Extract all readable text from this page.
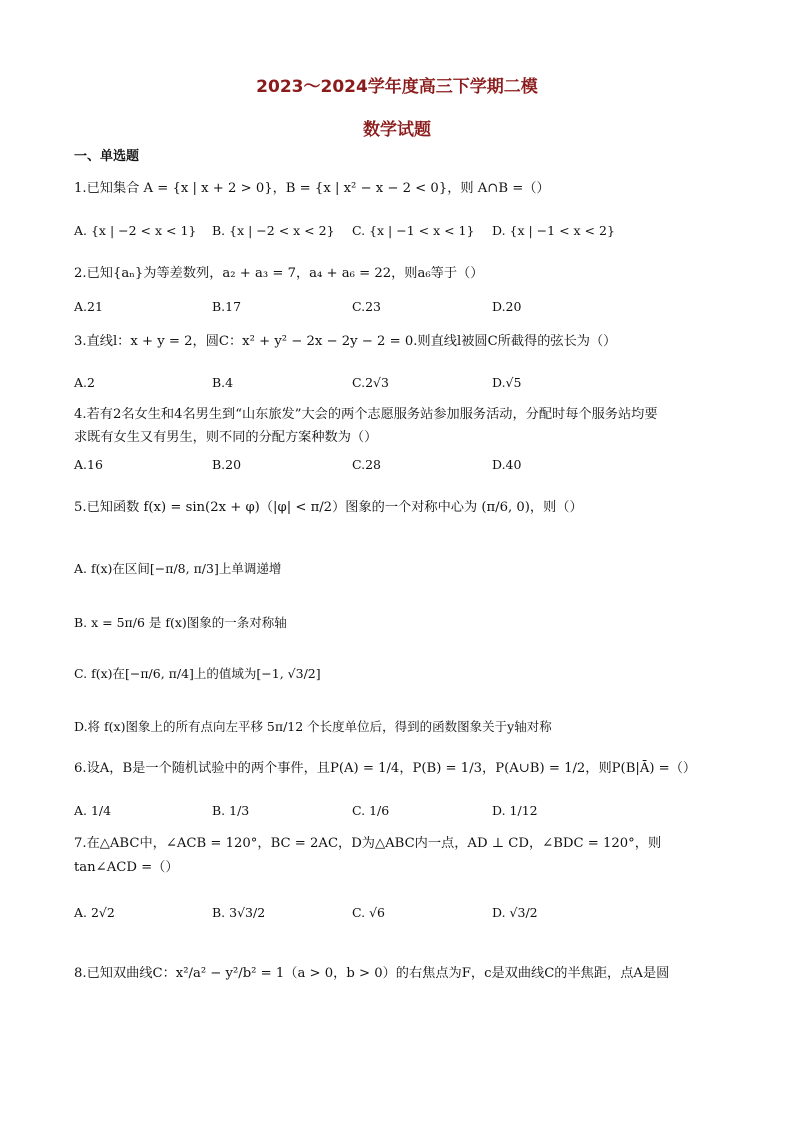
2023～2024学年度高三下学期二模
数学试题
一、单选题
1.已知集合 A = {x | x + 2 > 0}，B = {x | x² − x − 2 < 0}，则 A∩B =（）
A. {x | −2 < x < 1} B. {x | −2 < x < 2} C. {x | −1 < x < 1} D. {x | −1 < x < 2}
2.已知{aₙ}为等差数列，a₂ + a₃ = 7，a₄ + a₆ = 22，则a₆等于（）
A.21	B.17	C.23	D.20
3.直线l：x + y = 2，圆C：x² + y² − 2x − 2y − 2 = 0.则直线l被圆C所截得的弦长为（）
A.2	B.4	C.2√3	D.√5
4.若有2名女生和4名男生到“山东旅发”大会的两个志愿服务站参加服务活动，分配时每个服务站均要
求既有女生又有男生，则不同的分配方案种数为（）
A.16	B.20	C.28	D.40
5.已知函数 f(x) = sin(2x + φ)（|φ| < π/2）图象的一个对称中心为 (π/6, 0)，则（）
A. f(x)在区间[−π/8, π/3]上单调递增
B. x = 5π/6 是 f(x)图象的一条对称轴
C. f(x)在[−π/6, π/4]上的值域为[−1, √3/2]
D.将 f(x)图象上的所有点向左平移 5π/12 个长度单位后，得到的函数图象关于y轴对称
6.设A，B是一个随机试验中的两个事件，且P(A) = 1/4，P(B) = 1/3，P(A∪B) = 1/2，则P(B|Ā) =（）
A. 1/4	B. 1/3	C. 1/6	D. 1/12
7.在△ABC中，∠ACB = 120°，BC = 2AC，D为△ABC内一点，AD ⊥ CD，∠BDC = 120°，则
tan∠ACD =（）
A. 2√2	B. 3√3/2	C. √6	D. √3/2
8.已知双曲线C：x²/a² − y²/b² = 1（a > 0，b > 0）的右焦点为F，c是双曲线C的半焦距，点A是圆
